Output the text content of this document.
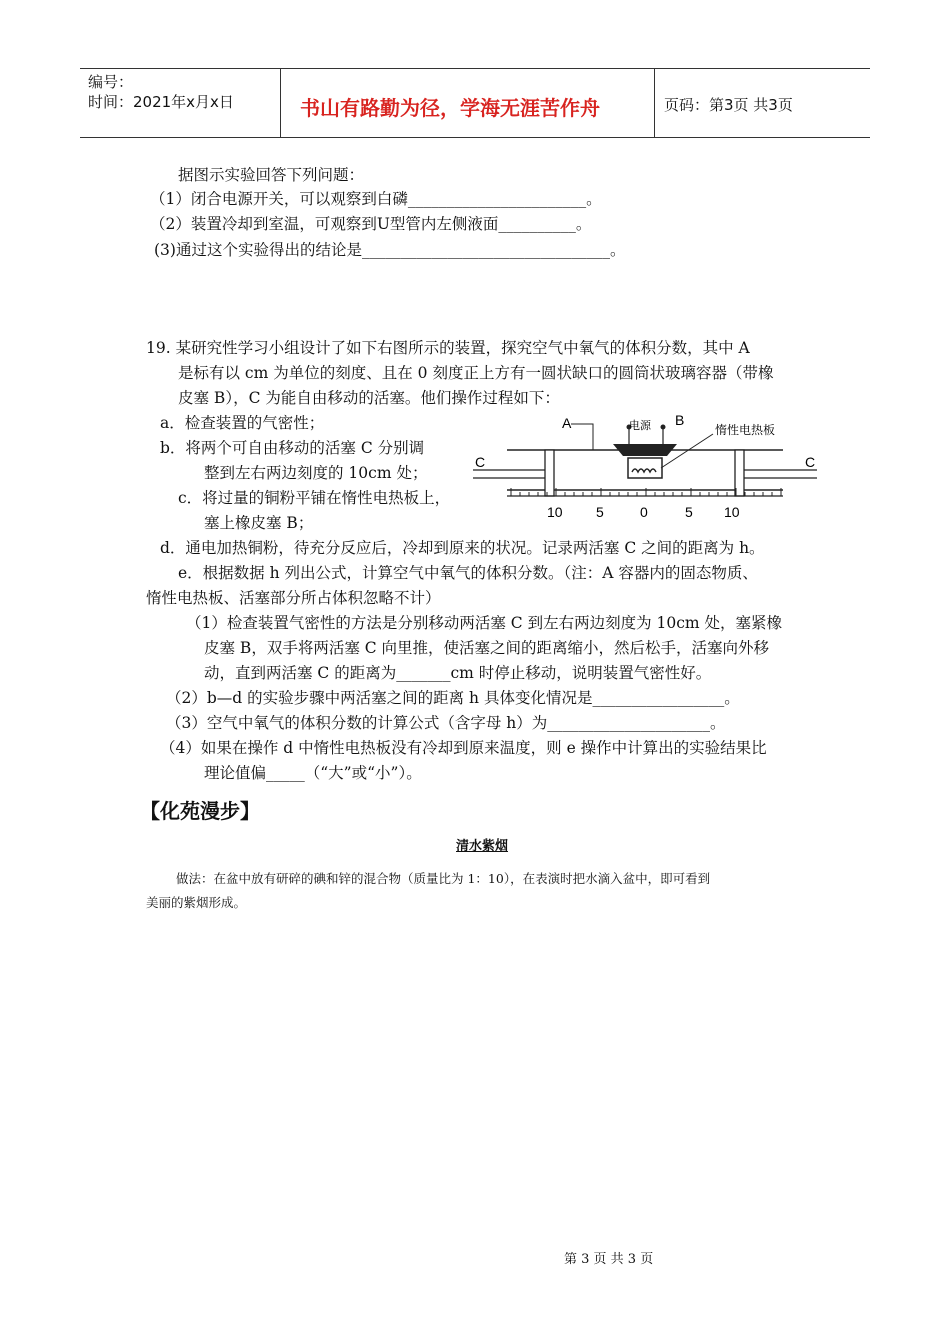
编号：
时间：2021年x月x日	书山有路勤为径，学海无涯苦作舟	页码：第3页 共3页
据图示实验回答下列问题：
（1）闭合电源开关，可以观察到白磷_______________________。
（2）装置冷却到室温，可观察到U型管内左侧液面__________。
(3)通过这个实验得出的结论是________________________________。
19. 某研究性学习小组设计了如下右图所示的装置，探究空气中氧气的体积分数，其中 A
是标有以 cm 为单位的刻度、且在 0 刻度正上方有一圆状缺口的圆筒状玻璃容器（带橡
皮塞 B），C 为能自由移动的活塞。他们操作过程如下：
a．检查装置的气密性；
b．将两个可自由移动的活塞 C 分别调
整到左右两边刻度的 10cm 处；
c．将过量的铜粉平铺在惰性电热板上，
塞上橡皮塞 B；
d．通电加热铜粉，待充分反应后，冷却到原来的状况。记录两活塞 C 之间的距离为 h。
e．根据数据 h 列出公式，计算空气中氧气的体积分数。（注：A 容器内的固态物质、
惰性电热板、活塞部分所占体积忽略不计）
A	电源 B
惰性电热板
C	C
10 5	0	5 10
（1）检查装置气密性的方法是分别移动两活塞 C 到左右两边刻度为 10cm 处，塞紧橡
皮塞 B，双手将两活塞 C 向里推，使活塞之间的距离缩小，然后松手，活塞向外移
动，直到两活塞 C 的距离为_______cm 时停止移动，说明装置气密性好。
（2）b—d 的实验步骤中两活塞之间的距离 h 具体变化情况是_________________。
（3）空气中氧气的体积分数的计算公式（含字母 h）为_____________________。
（4）如果在操作 d 中惰性电热板没有冷却到原来温度，则 e 操作中计算出的实验结果比
理论值偏_____（“大”或“小”）。
【化苑漫步】
清水紫烟
做法：在盆中放有研碎的碘和锌的混合物（质量比为 1：10），在表演时把水滴入盆中，即可看到
美丽的紫烟形成。
第 3 页 共 3 页
